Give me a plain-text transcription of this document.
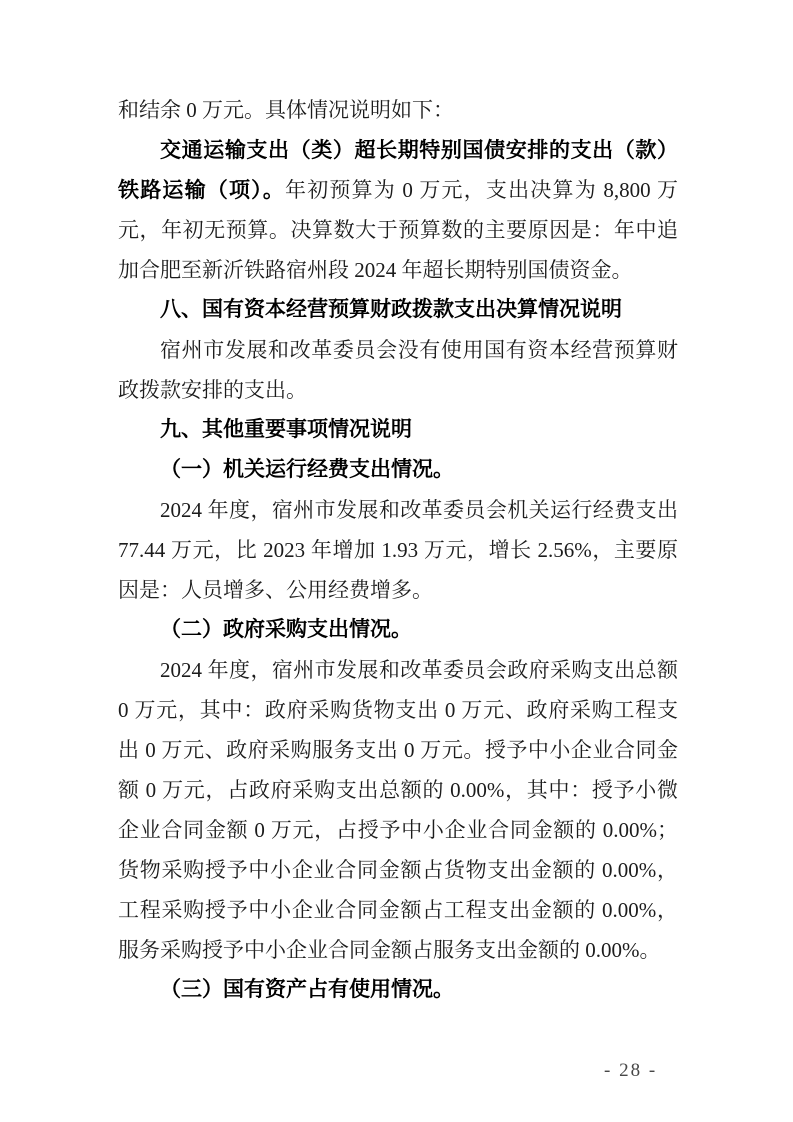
和结余 0 万元。具体情况说明如下：

交通运输支出（类）超长期特别国债安排的支出（款）铁路运输（项）。年初预算为 0 万元，支出决算为 8,800 万元，年初无预算。决算数大于预算数的主要原因是：年中追加合肥至新沂铁路宿州段 2024 年超长期特别国债资金。

八、国有资本经营预算财政拨款支出决算情况说明

宿州市发展和改革委员会没有使用国有资本经营预算财政拨款安排的支出。

九、其他重要事项情况说明

（一）机关运行经费支出情况。

2024 年度，宿州市发展和改革委员会机关运行经费支出 77.44 万元，比 2023 年增加 1.93 万元，增长 2.56%，主要原因是：人员增多、公用经费增多。

（二）政府采购支出情况。

2024 年度，宿州市发展和改革委员会政府采购支出总额 0 万元，其中：政府采购货物支出 0 万元、政府采购工程支出 0 万元、政府采购服务支出 0 万元。授予中小企业合同金额 0 万元，占政府采购支出总额的 0.00%，其中：授予小微企业合同金额 0 万元，占授予中小企业合同金额的 0.00%；货物采购授予中小企业合同金额占货物支出金额的 0.00%，工程采购授予中小企业合同金额占工程支出金额的 0.00%，服务采购授予中小企业合同金额占服务支出金额的 0.00%。

（三）国有资产占有使用情况。

- 28 -
